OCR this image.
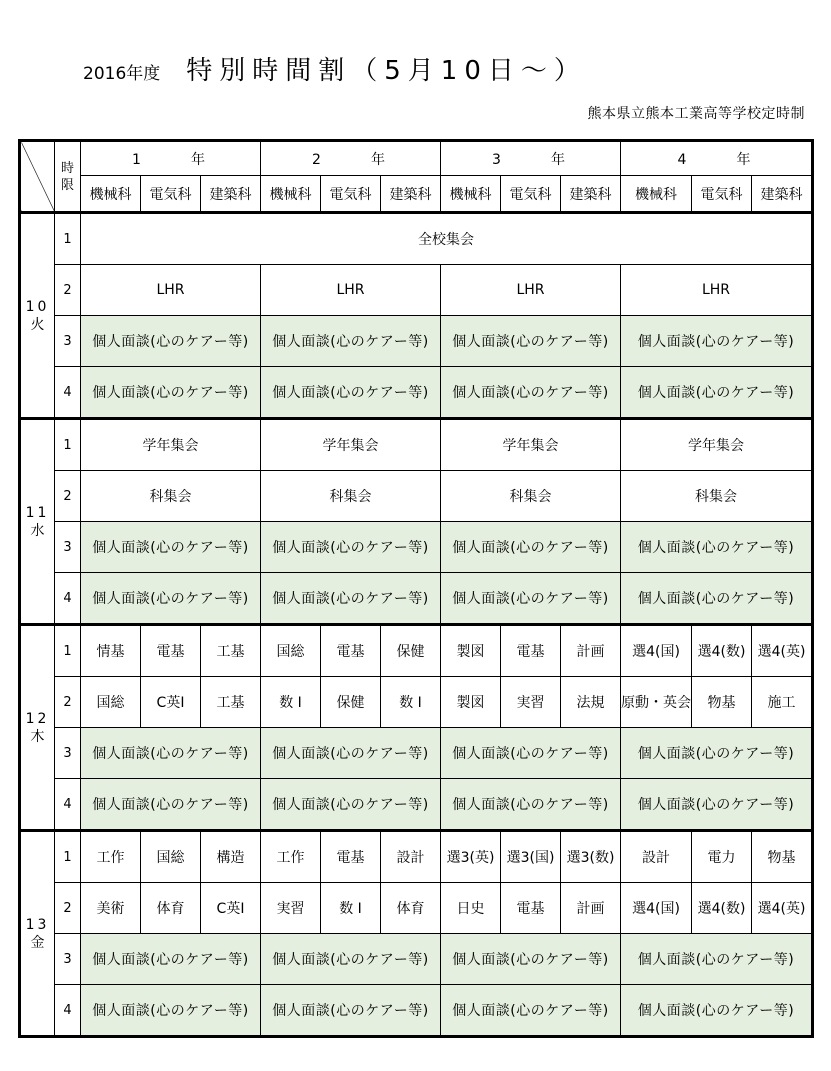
2016年度 特別時間割（5月10日～）
熊本県立熊本工業高等学校定時制
	時限	1　年			2　年			3　年			4　年		
		機械科	電気科	建築科	機械科	電気科	建築科	機械科	電気科	建築科	機械科	電気科	建築科

10
火	1	全校集会											
	2	LHR			LHR			LHR			LHR		
	3	個人面談(心のケアー等)			個人面談(心のケアー等)			個人面談(心のケアー等)			個人面談(心のケアー等)		
	4	個人面談(心のケアー等)			個人面談(心のケアー等)			個人面談(心のケアー等)			個人面談(心のケアー等)		

11
水	1	学年集会			学年集会			学年集会			学年集会		
	2	科集会			科集会			科集会			科集会		
	3	個人面談(心のケアー等)			個人面談(心のケアー等)			個人面談(心のケアー等)			個人面談(心のケアー等)		
	4	個人面談(心のケアー等)			個人面談(心のケアー等)			個人面談(心のケアー等)			個人面談(心のケアー等)		

12
木	1	情基	電基	工基	国総	電基	保健	製図	電基	計画	選4(国)	選4(数)	選4(英)
	2	国総	C英I	工基	数 I	保健	数 I	製図	実習	法規	原動・英会	物基	施工
	3	個人面談(心のケアー等)			個人面談(心のケアー等)			個人面談(心のケアー等)			個人面談(心のケアー等)		
	4	個人面談(心のケアー等)			個人面談(心のケアー等)			個人面談(心のケアー等)			個人面談(心のケアー等)		

13
金	1	工作	国総	構造	工作	電基	設計	選3(英)	選3(国)	選3(数)	設計	電力	物基
	2	美術	体育	C英I	実習	数 I	体育	日史	電基	計画	選4(国)	選4(数)	選4(英)
	3	個人面談(心のケアー等)			個人面談(心のケアー等)			個人面談(心のケアー等)			個人面談(心のケアー等)		
	4	個人面談(心のケアー等)			個人面談(心のケアー等)			個人面談(心のケアー等)			個人面談(心のケアー等)		
